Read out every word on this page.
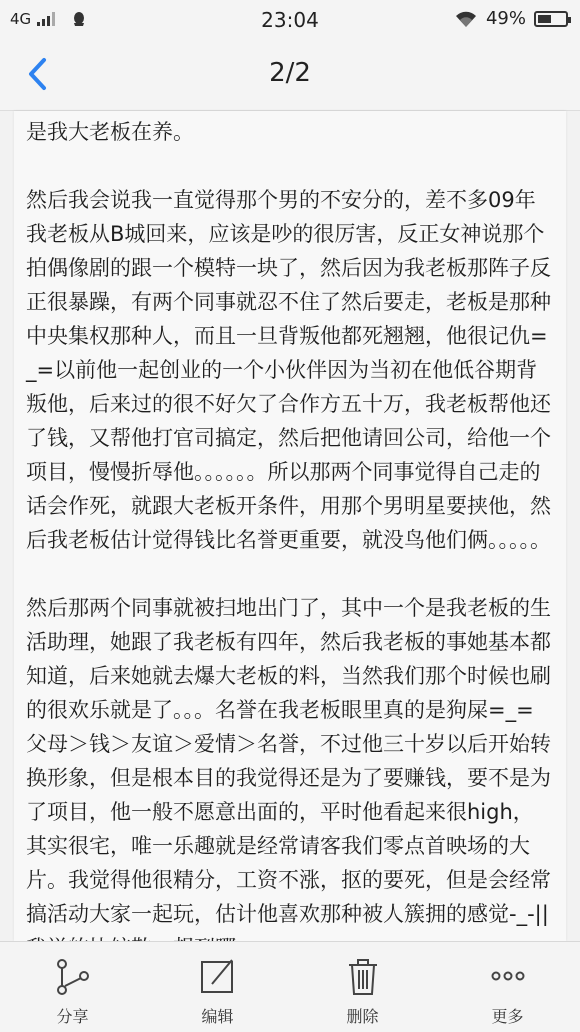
4G	23:04	49%
2/2

是我大老板在养。

然后我会说我一直觉得那个男的不安分的，差不多09年我老板从B城回来，应该是吵的很厉害，反正女神说那个拍偶像剧的跟一个模特一块了，然后因为我老板那阵子反正很暴躁，有两个同事就忍不住了然后要走，老板是那种中央集权那种人，而且一旦背叛他都死翘翘，他很记仇=_=以前他一起创业的一个小伙伴因为当初在他低谷期背叛他，后来过的很不好欠了合作方五十万，我老板帮他还了钱，又帮他打官司搞定，然后把他请回公司，给他一个项目，慢慢折辱他。。。。。。所以那两个同事觉得自己走的话会作死，就跟大老板开条件，用那个男明星要挟他，然后我老板估计觉得钱比名誉更重要，就没鸟他们俩。。。。。

然后那两个同事就被扫地出门了，其中一个是我老板的生活助理，她跟了我老板有四年，然后我老板的事她基本都知道，后来她就去爆大老板的料，当然我们那个时候也刷的很欢乐就是了。。。名誉在我老板眼里真的是狗屎=_=父母＞钱＞友谊＞爱情＞名誉，不过他三十岁以后开始转换形象，但是根本目的我觉得还是为了要赚钱，要不是为了项目，他一般不愿意出面的，平时他看起来很high，其实很宅，唯一乐趣就是经常请客我们零点首映场的大片。我觉得他很精分，工资不涨，抠的要死，但是会经常搞活动大家一起玩，估计他喜欢那种被人簇拥的感觉-_-||

分享	编辑	删除	更多
